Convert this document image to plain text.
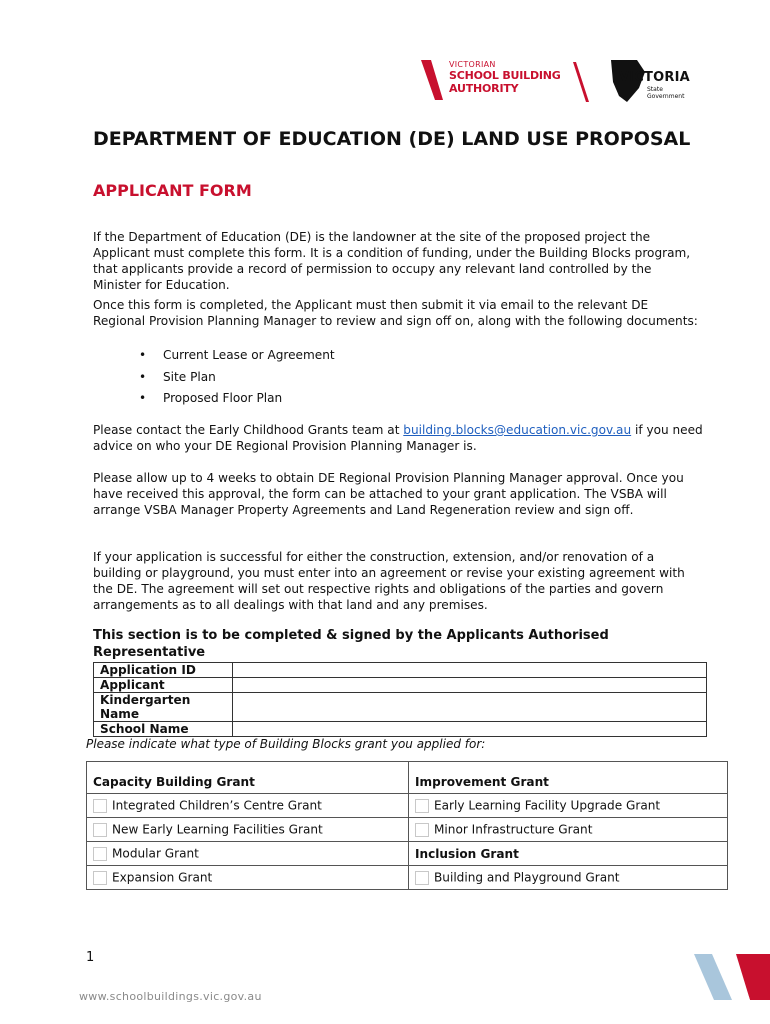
VICTORIAN
SCHOOL BUILDING
AUTHORITY
VICTORIA
State
Government
DEPARTMENT OF EDUCATION (DE) LAND USE PROPOSAL
APPLICANT FORM
If the Department of Education (DE) is the landowner at the site of the proposed project the Applicant must complete this form. It is a condition of funding, under the Building Blocks program, that applicants provide a record of permission to occupy any relevant land controlled by the Minister for Education.
Once this form is completed, the Applicant must then submit it via email to the relevant DE Regional Provision Planning Manager to review and sign off on, along with the following documents:
• Current Lease or Agreement
• Site Plan
• Proposed Floor Plan
Please contact the Early Childhood Grants team at building.blocks@education.vic.gov.au if you need advice on who your DE Regional Provision Planning Manager is.
Please allow up to 4 weeks to obtain DE Regional Provision Planning Manager approval. Once you have received this approval, the form can be attached to your grant application. The VSBA will arrange VSBA Manager Property Agreements and Land Regeneration review and sign off.
If your application is successful for either the construction, extension, and/or renovation of a building or playground, you must enter into an agreement or revise your existing agreement with the DE. The agreement will set out respective rights and obligations of the parties and govern arrangements as to all dealings with that land and any premises.
This section is to be completed & signed by the Applicants Authorised Representative
Application ID	
Applicant	
Kindergarten Name	
School Name	
Please indicate what type of Building Blocks grant you applied for:
Capacity Building Grant	Improvement Grant
Integrated Children’s Centre Grant	Early Learning Facility Upgrade Grant
New Early Learning Facilities Grant	Minor Infrastructure Grant
Modular Grant	Inclusion Grant
Expansion Grant	Building and Playground Grant
1
www.schoolbuildings.vic.gov.au
